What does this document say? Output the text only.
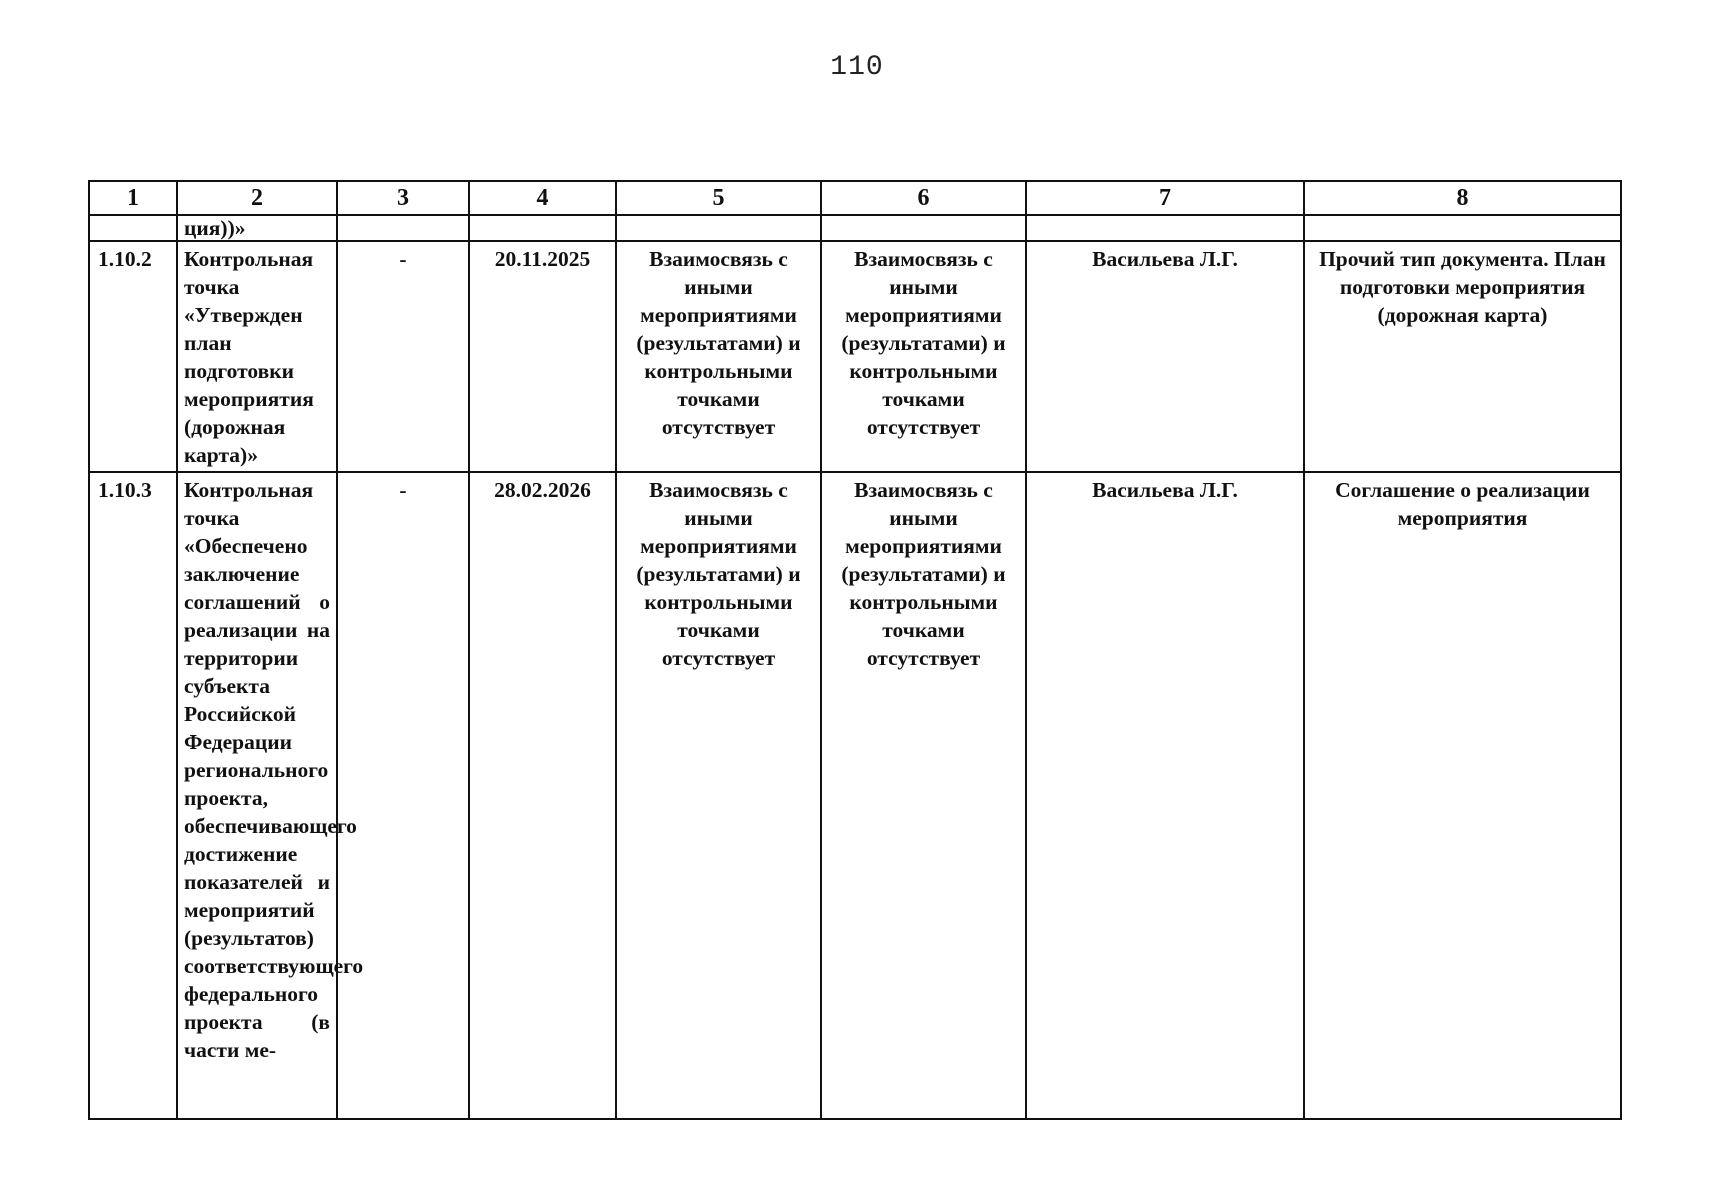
110
1	2	3	4	5	6	7	8
	ция))»						
1.10.2	Контрольная точка «Утвержден план подготовки мероприятия (дорожная карта)»	-	20.11.2025	Взаимосвязь с иными мероприятиями (результатами) и контрольными точками отсутствует	Взаимосвязь с иными мероприятиями (результатами) и контрольными точками отсутствует	Васильева Л.Г.	Прочий тип документа. План подготовки мероприятия (дорожная карта)
1.10.3	Контрольная точка «Обеспечено заключение соглашений о реализации на территории субъекта Российской Федерации регионального проекта, обеспечивающего достижение показателей и мероприятий (результатов) соответствующего федерального проекта (в части ме-	-	28.02.2026	Взаимосвязь с иными мероприятиями (результатами) и контрольными точками отсутствует	Взаимосвязь с иными мероприятиями (результатами) и контрольными точками отсутствует	Васильева Л.Г.	Соглашение о реализации мероприятия
